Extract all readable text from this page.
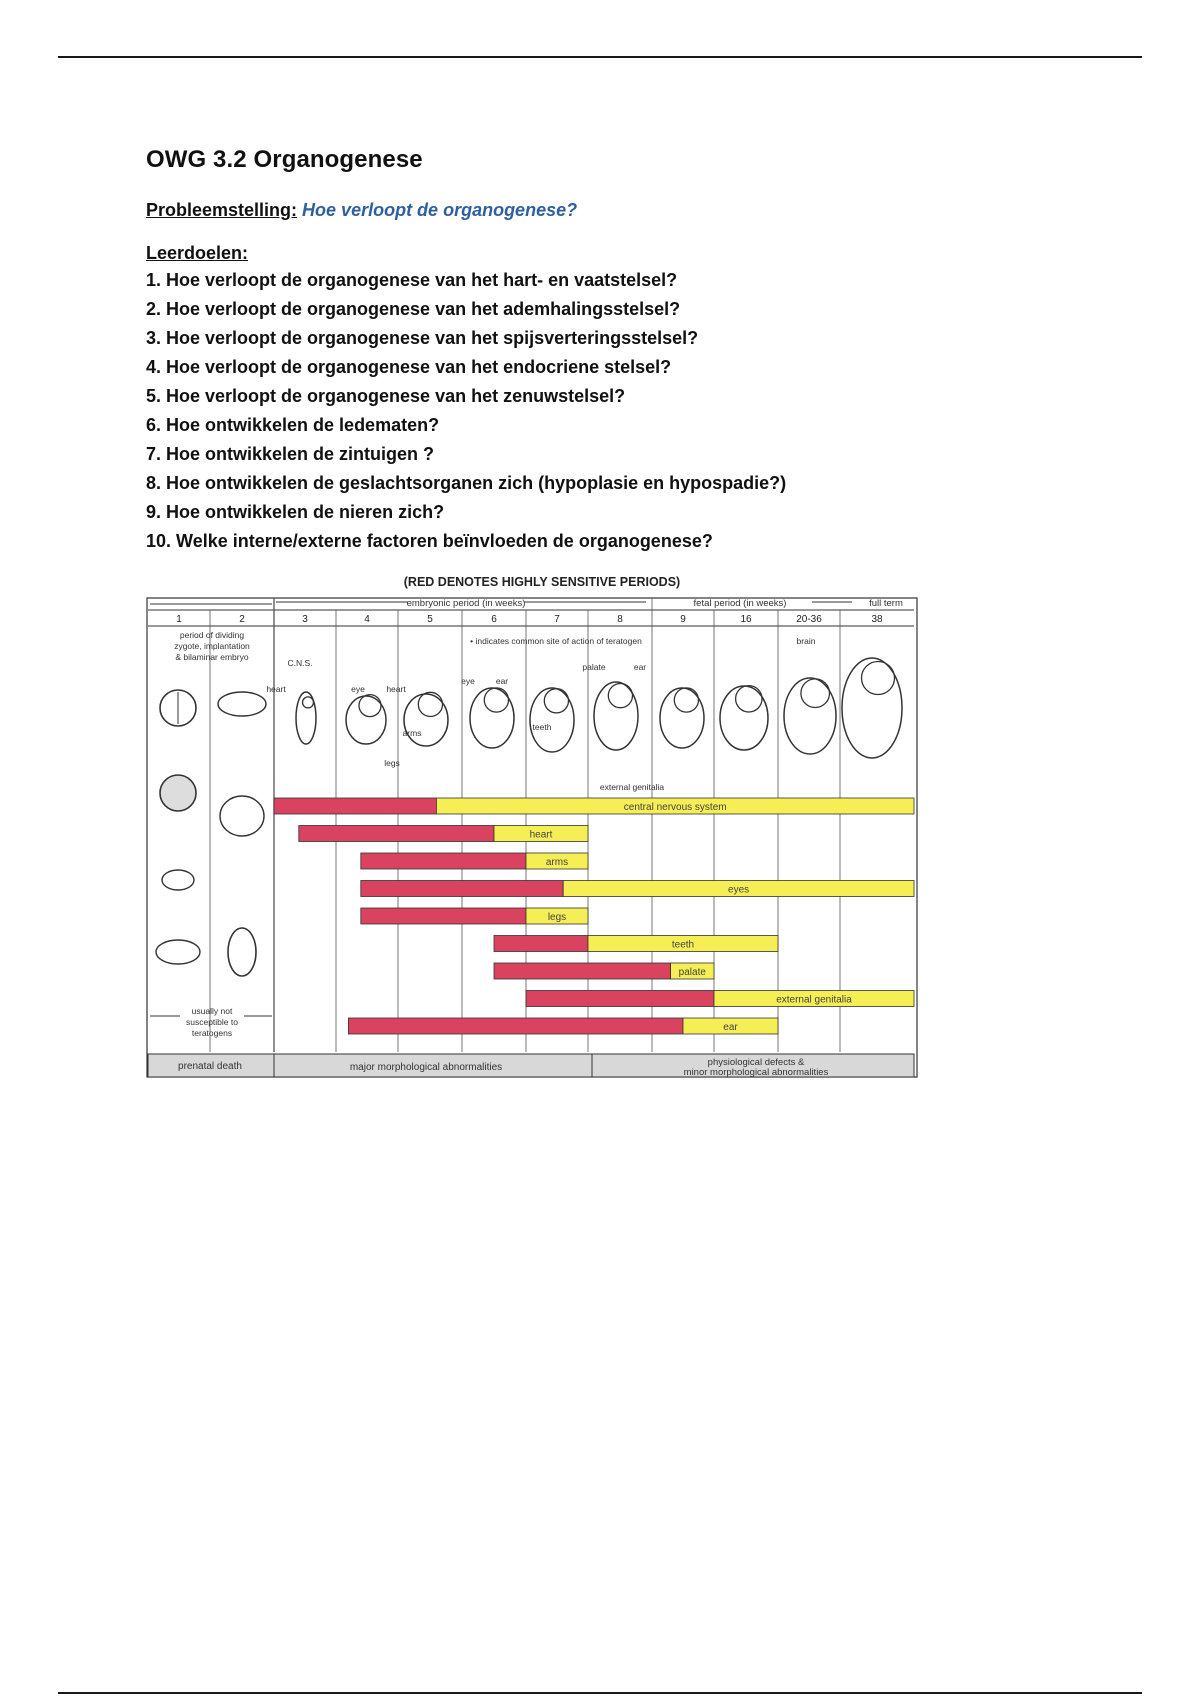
OWG 3.2 Organogenese
Probleemstelling: Hoe verloopt de organogenese?
Leerdoelen:
1. Hoe verloopt de organogenese van het hart- en vaatstelsel?
2. Hoe verloopt de organogenese van het ademhalingsstelsel?
3. Hoe verloopt de organogenese van het spijsverteringsstelsel?
4. Hoe verloopt de organogenese van het endocriene stelsel?
5. Hoe verloopt de organogenese van het zenuwstelsel?
6. Hoe ontwikkelen de ledematen?
7. Hoe ontwikkelen de zintuigen ?
8. Hoe ontwikkelen de geslachtsorganen zich (hypoplasie en hypospadie?)
9. Hoe ontwikkelen de nieren zich?
10. Welke interne/externe factoren beïnvloeden de organogenese?
(RED DENOTES HIGHLY SENSITIVE PERIODS)
embryonic period (in weeks)	fetal period (in weeks)	full term
1	2	3	4	5	6	7	8	9	16	20-36	38
period of dividing
zygote, implantation
& bilaminar embryo
• indicates common site of action of teratogen
C.N.S.
heart	eye	heart
arms
legs
eye ear
teeth
palate	ear
external genitalia
brain
central nervous system
heart
arms
eyes
legs
teeth
palate
external genitalia
ear
usually not
susceptible to
teratogens
prenatal death	major morphological abnormalities	physiological defects &
minor morphological abnormalities
